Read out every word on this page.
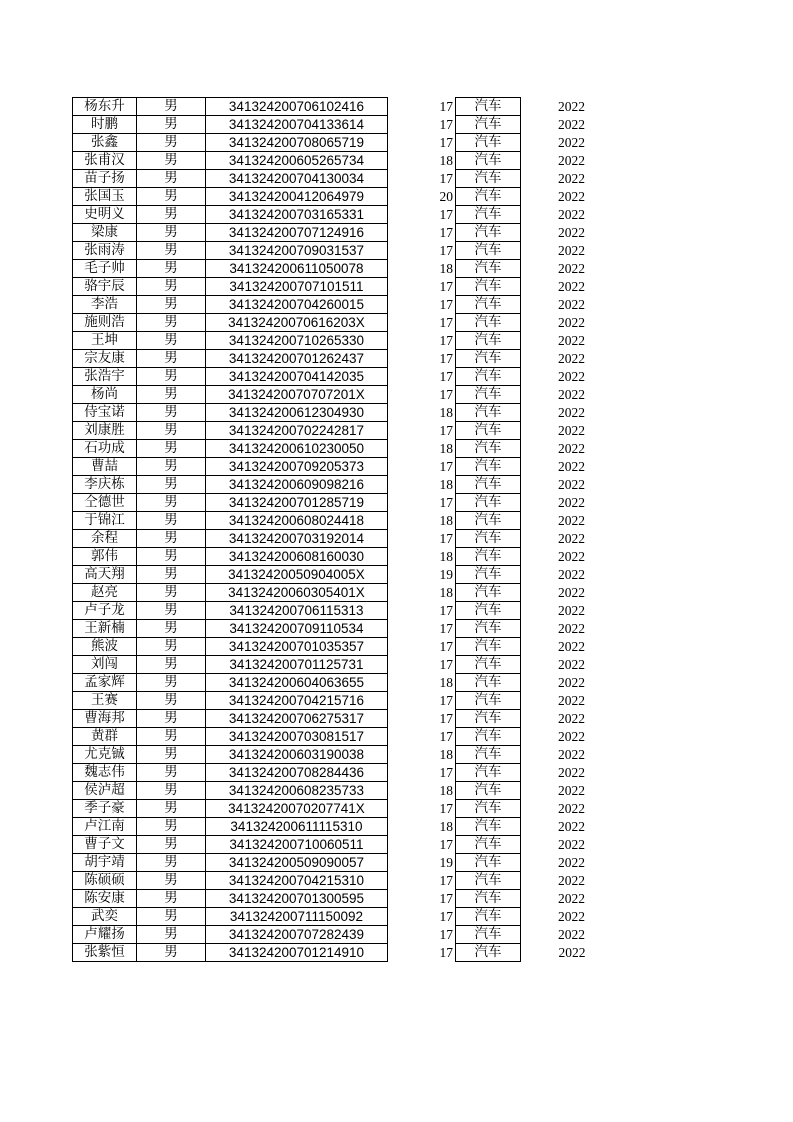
杨东升	男	341324200706102416		17	汽车	2022
时鹏	男	341324200704133614		17	汽车	2022
张鑫	男	341324200708065719		17	汽车	2022
张甫汉	男	341324200605265734		18	汽车	2022
苗子扬	男	341324200704130034		17	汽车	2022
张国玉	男	341324200412064979		20	汽车	2022
史明义	男	341324200703165331		17	汽车	2022
梁康	男	341324200707124916		17	汽车	2022
张雨涛	男	341324200709031537		17	汽车	2022
毛子帅	男	341324200611050078		18	汽车	2022
骆宇辰	男	341324200707101511		17	汽车	2022
李浩	男	341324200704260015		17	汽车	2022
施则浩	男	34132420070616203X		17	汽车	2022
王坤	男	341324200710265330		17	汽车	2022
宗友康	男	341324200701262437		17	汽车	2022
张浩宇	男	341324200704142035		17	汽车	2022
杨尚	男	34132420070707201X		17	汽车	2022
侍宝诺	男	341324200612304930		18	汽车	2022
刘康胜	男	341324200702242817		17	汽车	2022
石功成	男	341324200610230050		18	汽车	2022
曹喆	男	341324200709205373		17	汽车	2022
李庆栋	男	341324200609098216		18	汽车	2022
仝德世	男	341324200701285719		17	汽车	2022
于锦江	男	341324200608024418		18	汽车	2022
余程	男	341324200703192014		17	汽车	2022
郭伟	男	341324200608160030		18	汽车	2022
高天翔	男	34132420050904005X		19	汽车	2022
赵亮	男	34132420060305401X		18	汽车	2022
卢子龙	男	341324200706115313		17	汽车	2022
王新楠	男	341324200709110534		17	汽车	2022
熊波	男	341324200701035357		17	汽车	2022
刘闯	男	341324200701125731		17	汽车	2022
孟家辉	男	341324200604063655		18	汽车	2022
王赛	男	341324200704215716		17	汽车	2022
曹海邦	男	341324200706275317		17	汽车	2022
黄群	男	341324200703081517		17	汽车	2022
尤克铖	男	341324200603190038		18	汽车	2022
魏志伟	男	341324200708284436		17	汽车	2022
侯泸超	男	341324200608235733		18	汽车	2022
季子豪	男	34132420070207741X		17	汽车	2022
卢江南	男	341324200611115310		18	汽车	2022
曹子文	男	341324200710060511		17	汽车	2022
胡宇靖	男	341324200509090057		19	汽车	2022
陈硕硕	男	341324200704215310		17	汽车	2022
陈安康	男	341324200701300595		17	汽车	2022
武奕	男	341324200711150092		17	汽车	2022
卢耀扬	男	341324200707282439		17	汽车	2022
张紫恒	男	341324200701214910		17	汽车	2022
